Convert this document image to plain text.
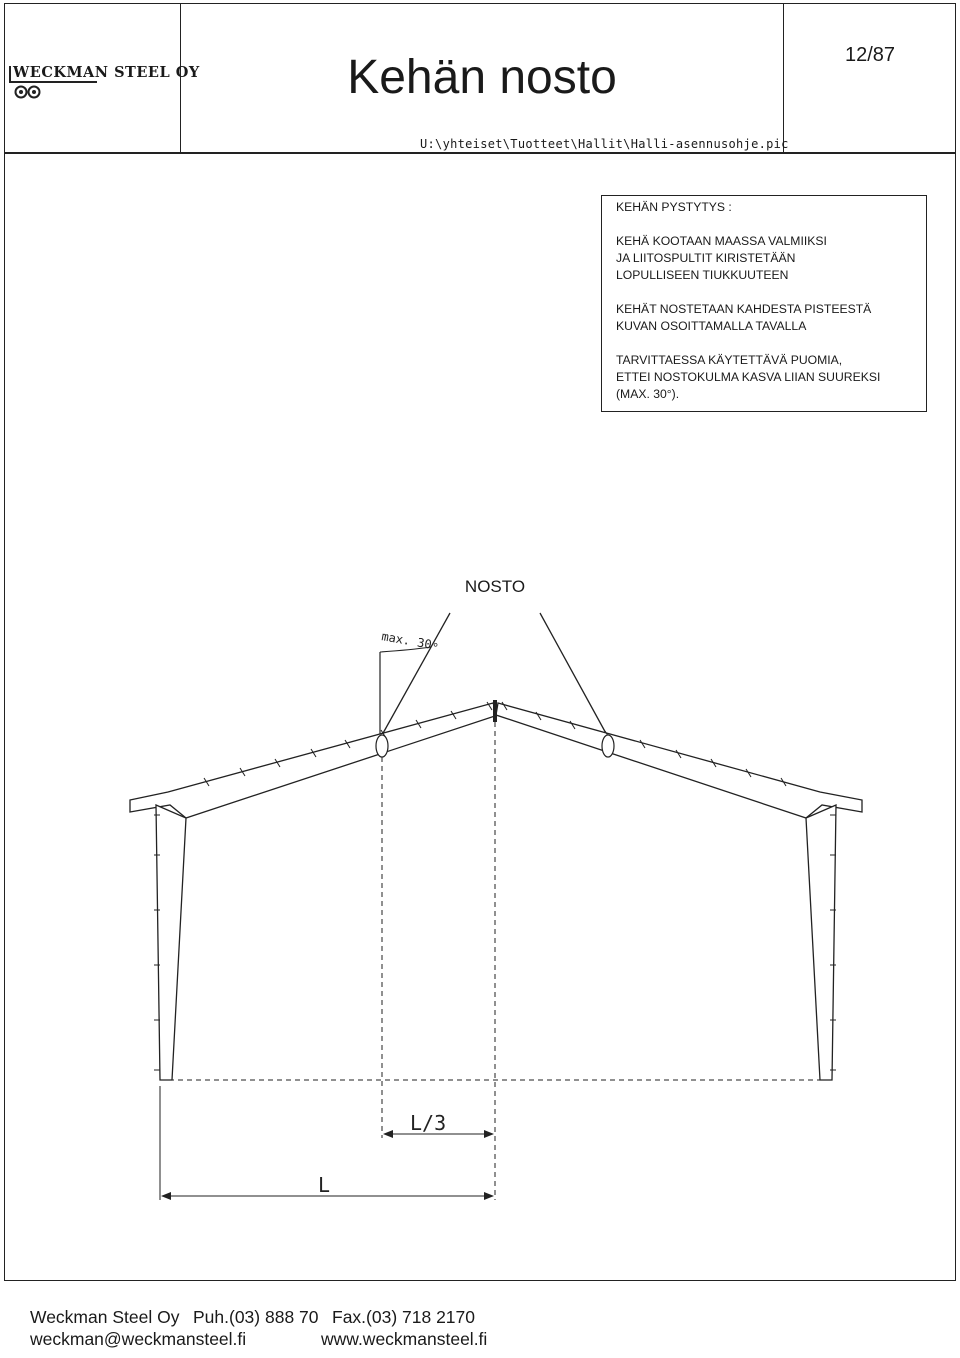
WECKMAN STEEL OY	Kehän nosto	12/87
U:\yhteiset\Tuotteet\Hallit\Halli-asennusohje.pic
KEHÄN PYSTYTYS :
KEHÄ KOOTAAN MAASSA VALMIIKSI
JA LIITOSPULTIT KIRISTETÄÄN
LOPULLISEEN TIUKKUUTEEN
KEHÄT NOSTETAAN KAHDESTA PISTEESTÄ
KUVAN OSOITTAMALLA TAVALLA
TARVITTAESSA KÄYTETTÄVÄ PUOMIA,
ETTEI NOSTOKULMA KASVA LIIAN SUUREKSI
(MAX. 30°).
NOSTO
max. 30 °
L/3
L
Weckman Steel Oy Puh.(03) 888 70 Fax.(03) 718 2170
weckman@weckmansteel.fi	www.weckmansteel.fi
